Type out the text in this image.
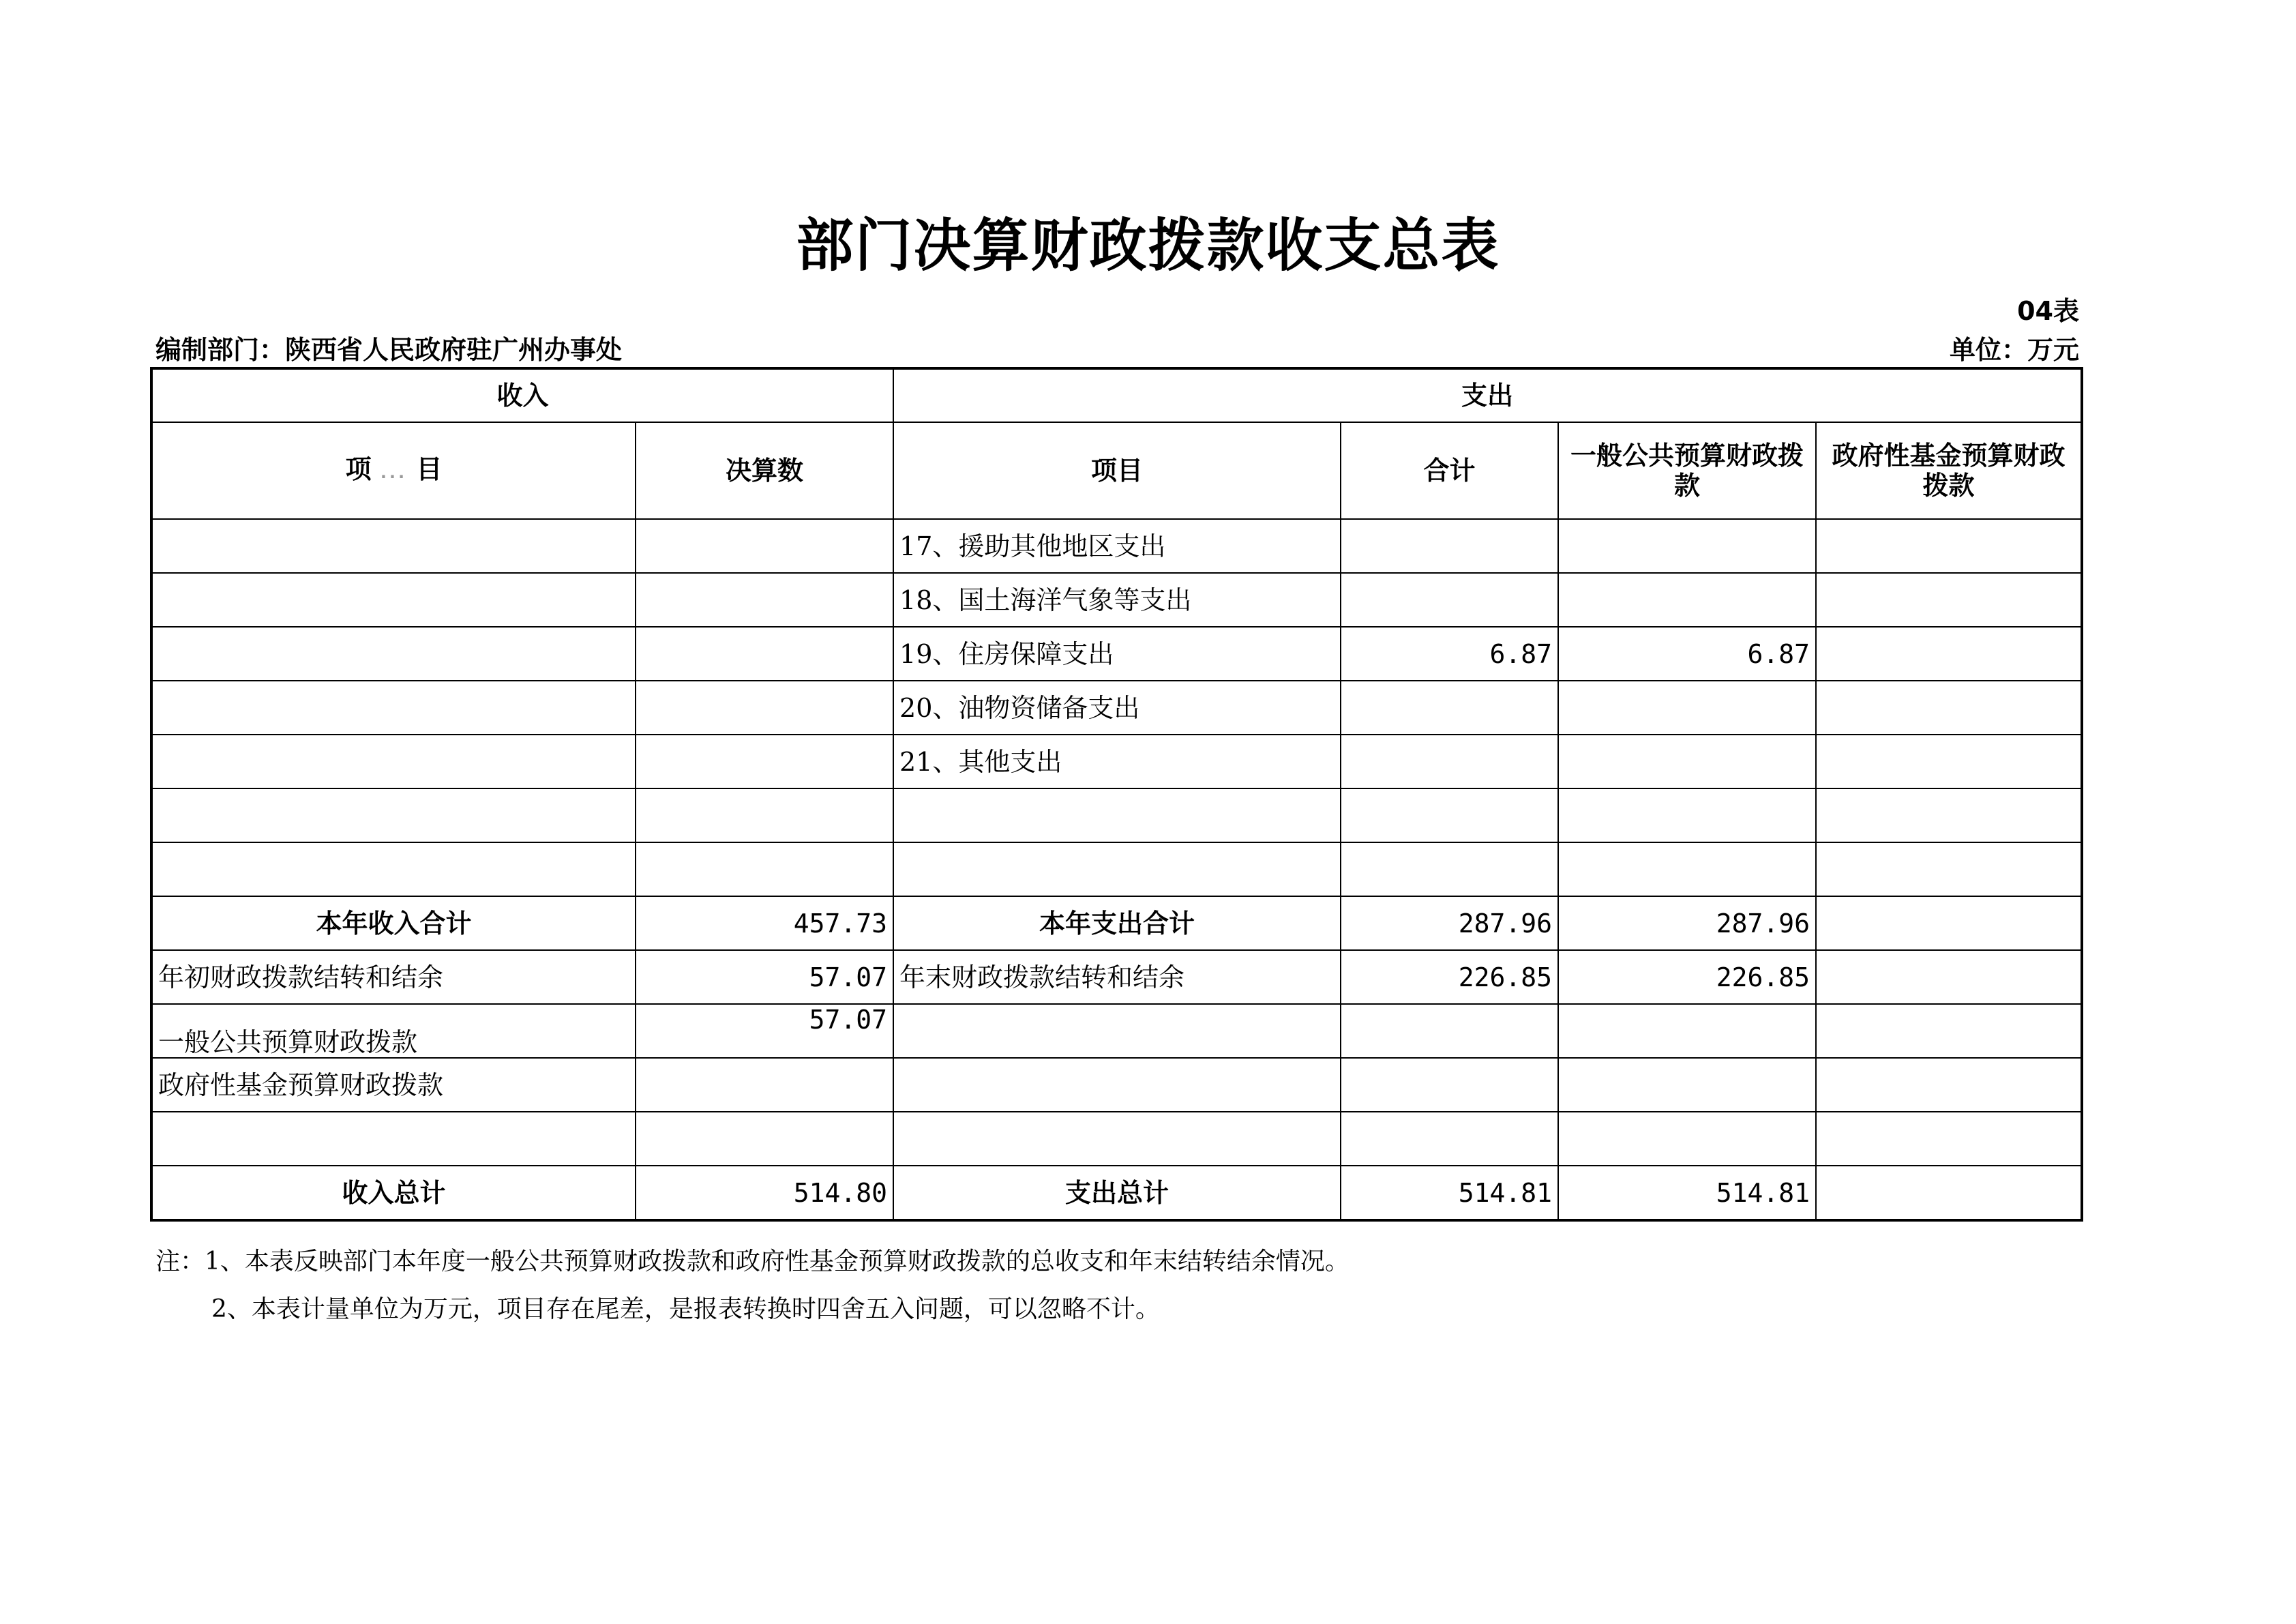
部门决算财政拨款收支总表
04表
编制部门：陕西省人民政府驻广州办事处	单位：万元
收入		支出			
项 ... 目	决算数	项目	合计	一般公共预算财政拨款	政府性基金预算财政拨款
		17、援助其他地区支出			
		18、国土海洋气象等支出			
		19、住房保障支出	6.87	6.87	
		20、油物资储备支出			
		21、其他支出			

本年收入合计	457.73	本年支出合计	287.96	287.96	
年初财政拨款结转和结余	57.07	年末财政拨款结转和结余	226.85	226.85	
一般公共预算财政拨款	57.07				
政府性基金预算财政拨款					

收入总计	514.80	支出总计	514.81	514.81	
注：1、本表反映部门本年度一般公共预算财政拨款和政府性基金预算财政拨款的总收支和年末结转结余情况。
2、本表计量单位为万元，项目存在尾差，是报表转换时四舍五入问题，可以忽略不计。
